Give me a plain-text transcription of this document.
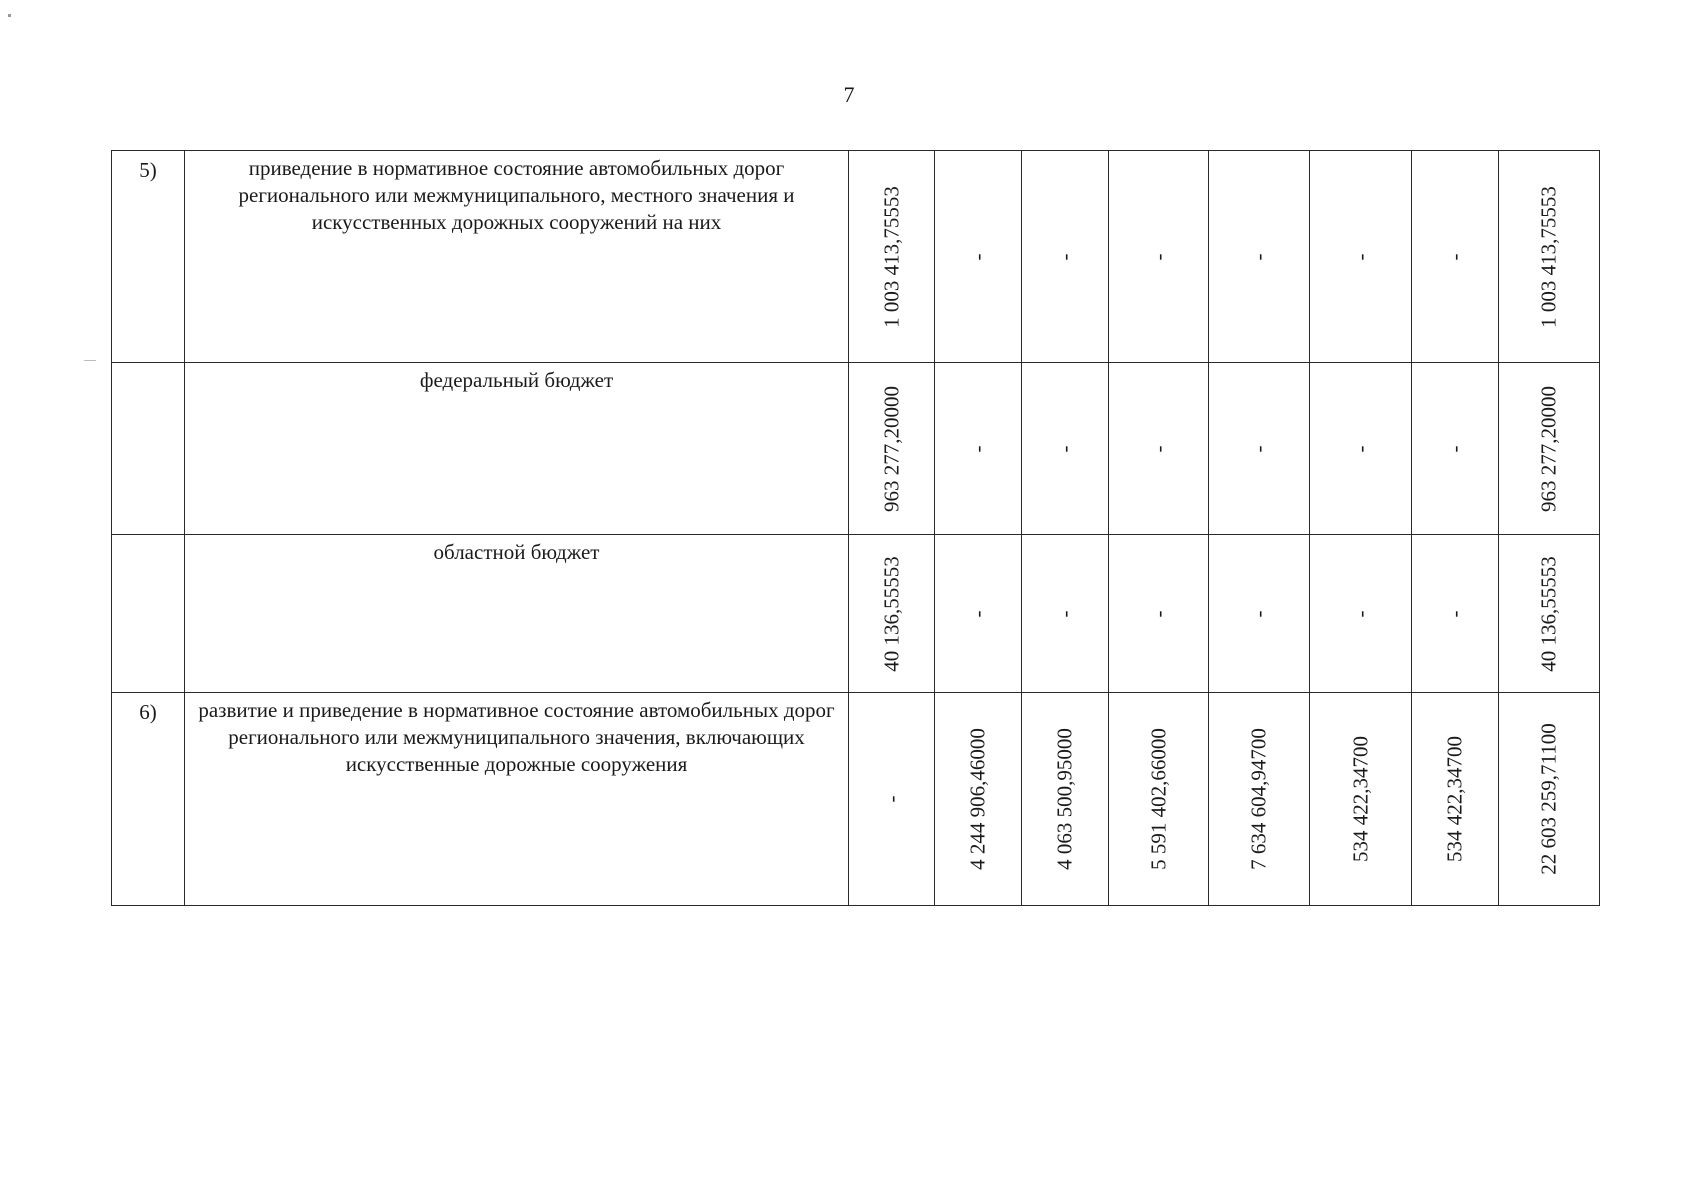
7
5)	приведение в нормативное состояние автомобильных дорог регионального или межмуниципального, местного значения и искусственных дорожных сооружений на них	1 003 413,75553	-	-	-	-	-	-	1 003 413,75553

	федеральный бюджет	963 277,20000	-	-	-	-	-	-	963 277,20000

	областной бюджет	40 136,55553	-	-	-	-	-	-	40 136,55553

6)	развитие и приведение в нормативное состояние автомобильных дорог регионального или межмуниципального значения, включающих искусственные дорожные сооружения	-	4 244 906,46000	4 063 500,95000	5 591 402,66000	7 634 604,94700	534 422,34700	534 422,34700	22 603 259,71100
